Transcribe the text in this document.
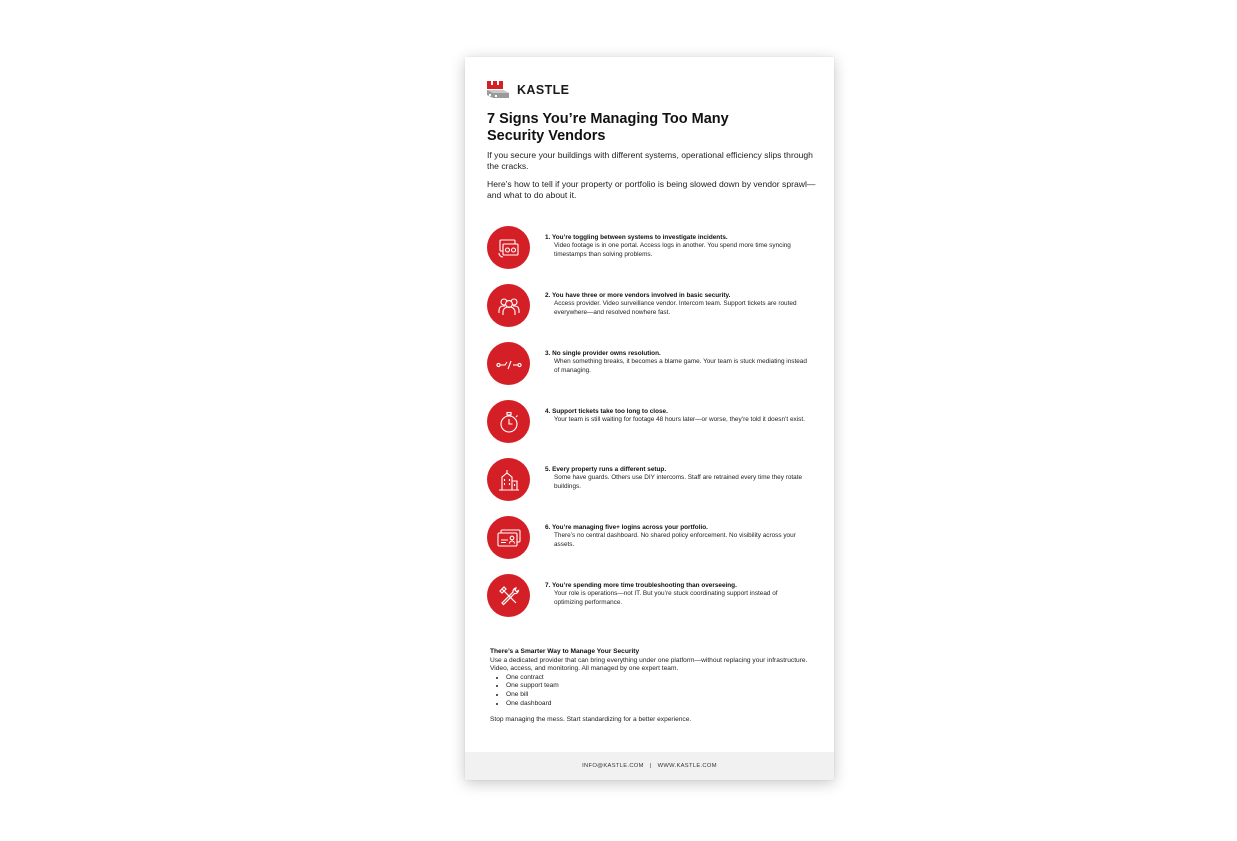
KASTLE
7 Signs You’re Managing Too Many Security Vendors

If you secure your buildings with different systems, operational efficiency slips through the cracks.

Here’s how to tell if your property or portfolio is being slowed down by vendor sprawl—and what to do about it.

1. You’re toggling between systems to investigate incidents.
Video footage is in one portal. Access logs in another. You spend more time syncing timestamps than solving problems.
2. You have three or more vendors involved in basic security.
Access provider. Video surveillance vendor. Intercom team. Support tickets are routed everywhere—and resolved nowhere fast.
3. No single provider owns resolution.
When something breaks, it becomes a blame game. Your team is stuck mediating instead of managing.
4. Support tickets take too long to close.
Your team is still waiting for footage 48 hours later—or worse, they’re told it doesn’t exist.
5. Every property runs a different setup.
Some have guards. Others use DIY intercoms. Staff are retrained every time they rotate buildings.
6. You’re managing five+ logins across your portfolio.
There’s no central dashboard. No shared policy enforcement. No visibility across your assets.
7. You’re spending more time troubleshooting than overseeing.
Your role is operations—not IT. But you’re stuck coordinating support instead of optimizing performance.
There’s a Smarter Way to Manage Your Security
Use a dedicated provider that can bring everything under one platform—without replacing your infrastructure. Video, access, and monitoring. All managed by one expert team.
• One contract
• One support team
• One bill
• One dashboard
Stop managing the mess. Start standardizing for a better experience.
INFO@KASTLE.COM | WWW.KASTLE.COM
